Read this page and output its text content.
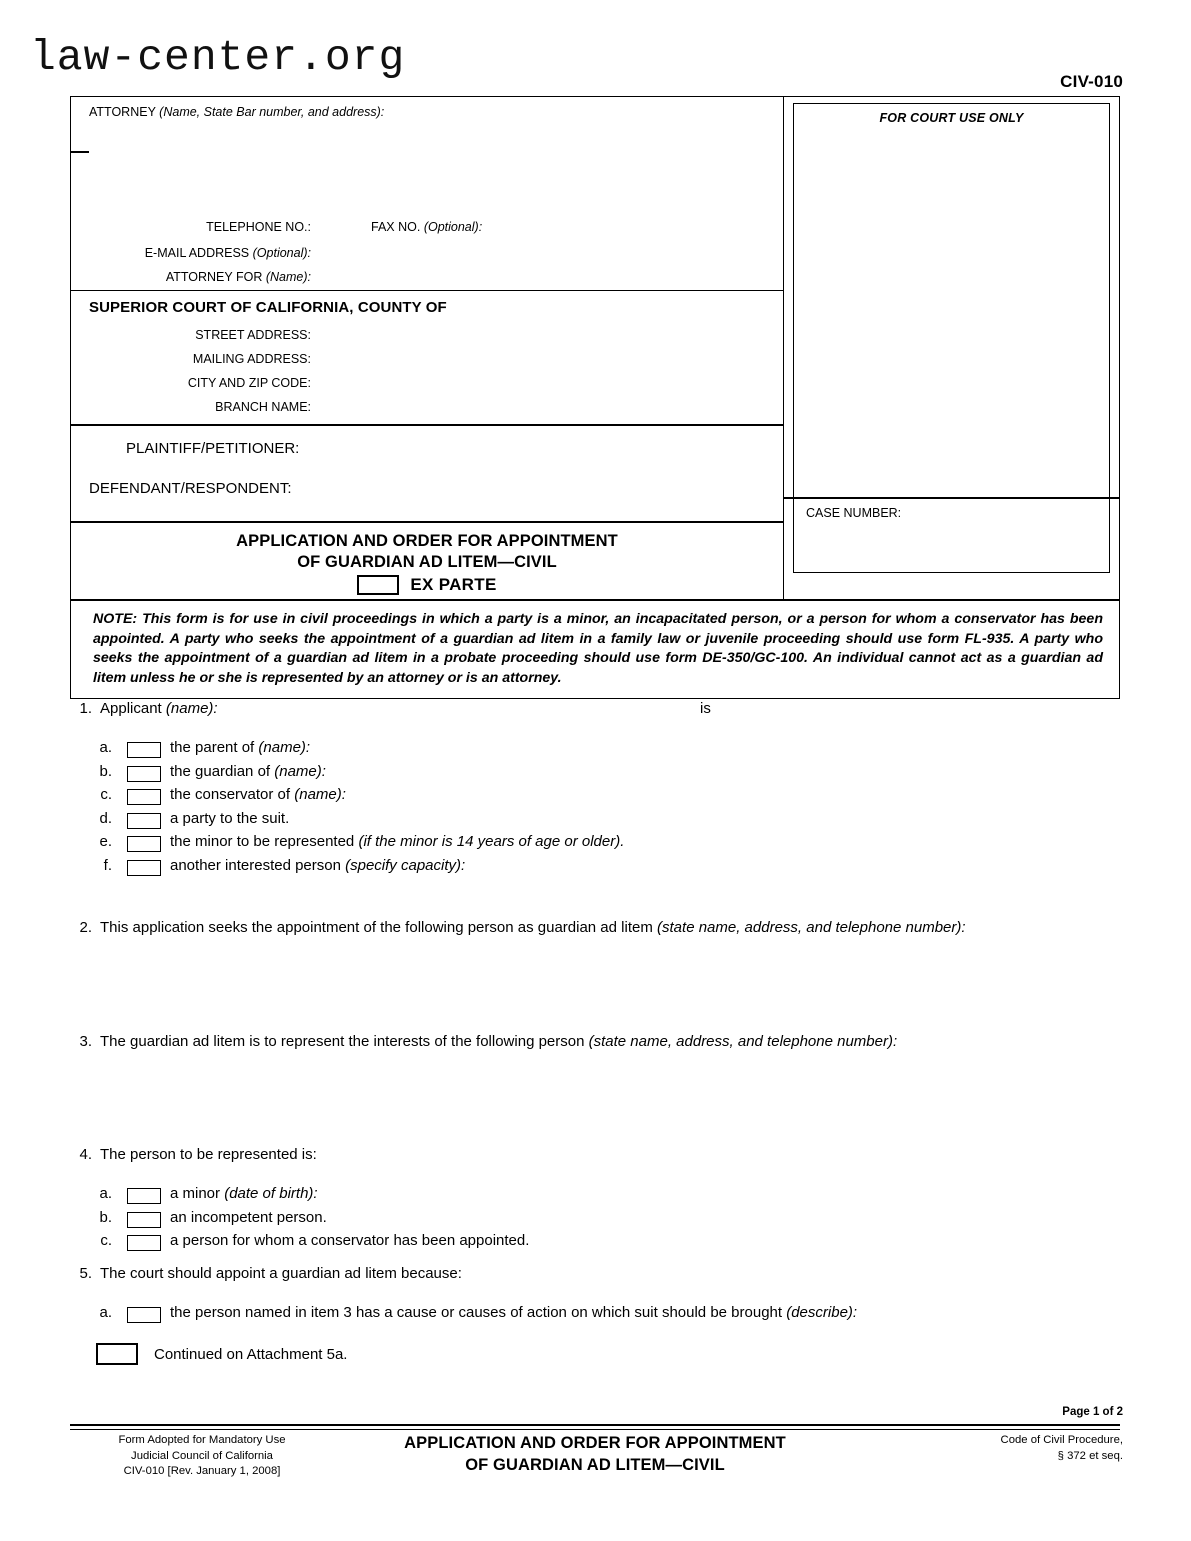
law-center.org	CIV-010
ATTORNEY (Name, State Bar number, and address):
TELEPHONE NO.:	FAX NO. (Optional):
E-MAIL ADDRESS (Optional):
ATTORNEY FOR (Name):
SUPERIOR COURT OF CALIFORNIA, COUNTY OF
STREET ADDRESS:
MAILING ADDRESS:
CITY AND ZIP CODE:
BRANCH NAME:
PLAINTIFF/PETITIONER:
DEFENDANT/RESPONDENT:
APPLICATION AND ORDER FOR APPOINTMENT
OF GUARDIAN AD LITEM—CIVIL
EX PARTE
FOR COURT USE ONLY
CASE NUMBER:
NOTE: This form is for use in civil proceedings in which a party is a minor, an incapacitated person, or a person for whom a conservator has been appointed. A party who seeks the appointment of a guardian ad litem in a family law or juvenile proceeding should use form FL-935. A party who seeks the appointment of a guardian ad litem in a probate proceeding should use form DE-350/GC-100. An individual cannot act as a guardian ad litem unless he or she is represented by an attorney or is an attorney.
1. Applicant (name):	is
a.	the parent of (name):
b.	the guardian of (name):
c.	the conservator of (name):
d.	a party to the suit.
e.	the minor to be represented (if the minor is 14 years of age or older).
f.	another interested person (specify capacity):
2. This application seeks the appointment of the following person as guardian ad litem (state name, address, and telephone number):
3. The guardian ad litem is to represent the interests of the following person (state name, address, and telephone number):
4. The person to be represented is:
a.	a minor (date of birth):
b.	an incompetent person.
c.	a person for whom a conservator has been appointed.
5. The court should appoint a guardian ad litem because:
a.	the person named in item 3 has a cause or causes of action on which suit should be brought (describe):
Continued on Attachment 5a.
Page 1 of 2
Form Adopted for Mandatory Use
Judicial Council of California
CIV-010 [Rev. January 1, 2008]
APPLICATION AND ORDER FOR APPOINTMENT
OF GUARDIAN AD LITEM—CIVIL
Code of Civil Procedure,
§ 372 et seq.
